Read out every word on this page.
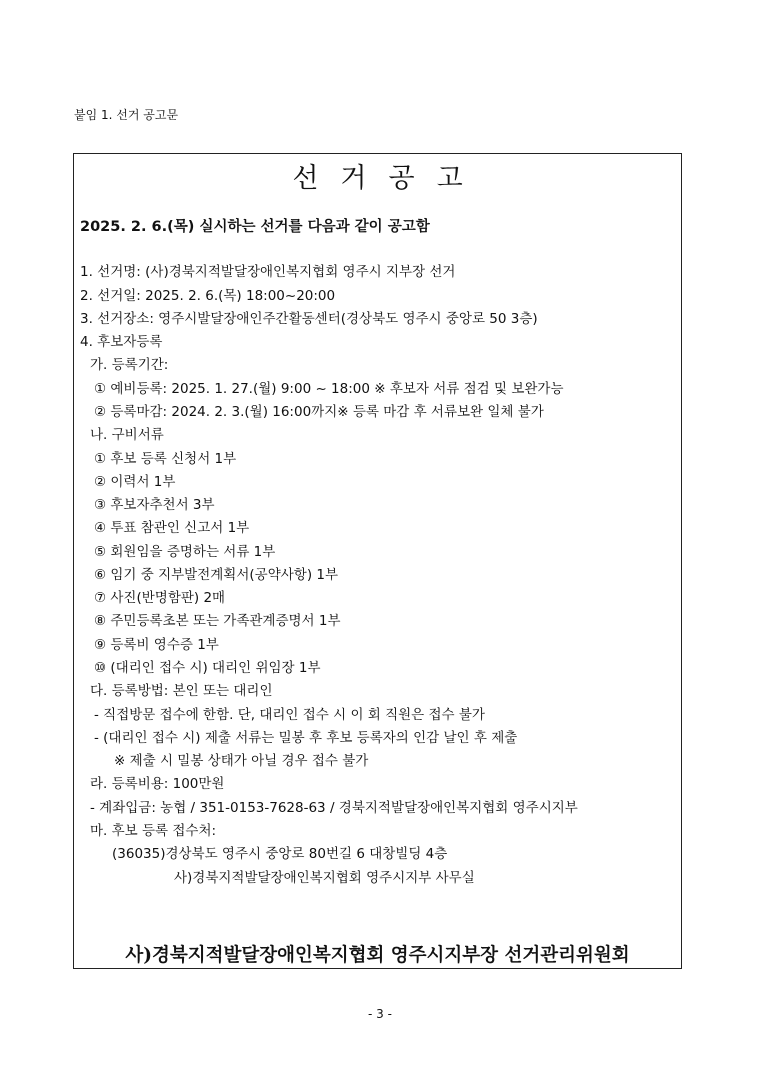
붙임 1. 선거 공고문
선거공고
2025. 2. 6.(목) 실시하는 선거를 다음과 같이 공고함
1. 선거명: (사)경북지적발달장애인복지협회 영주시 지부장 선거
2. 선거일: 2025. 2. 6.(목) 18:00~20:00
3. 선거장소: 영주시발달장애인주간활동센터(경상북도 영주시 중앙로 50 3층)
4. 후보자등록
가. 등록기간:
① 예비등록: 2025. 1. 27.(월) 9:00 ~ 18:00 ※ 후보자 서류 점검 및 보완가능
② 등록마감: 2024. 2. 3.(월) 16:00까지※ 등록 마감 후 서류보완 일체 불가
나. 구비서류
① 후보 등록 신청서 1부
② 이력서 1부
③ 후보자추천서 3부
④ 투표 참관인 신고서 1부
⑤ 회원임을 증명하는 서류 1부
⑥ 임기 중 지부발전계획서(공약사항) 1부
⑦ 사진(반명함판) 2매
⑧ 주민등록초본 또는 가족관계증명서 1부
⑨ 등록비 영수증 1부
⑩ (대리인 접수 시) 대리인 위임장 1부
다. 등록방법: 본인 또는 대리인
- 직접방문 접수에 한함. 단, 대리인 접수 시 이 회 직원은 접수 불가
- (대리인 접수 시) 제출 서류는 밀봉 후 후보 등록자의 인감 날인 후 제출
※ 제출 시 밀봉 상태가 아닐 경우 접수 불가
라. 등록비용: 100만원
- 계좌입금: 농협 / 351-0153-7628-63 / 경북지적발달장애인복지협회 영주시지부
마. 후보 등록 접수처:
(36035)경상북도 영주시 중앙로 80번길 6 대창빌딩 4층
사)경북지적발달장애인복지협회 영주시지부 사무실
사)경북지적발달장애인복지협회 영주시지부장 선거관리위원회
- 3 -
